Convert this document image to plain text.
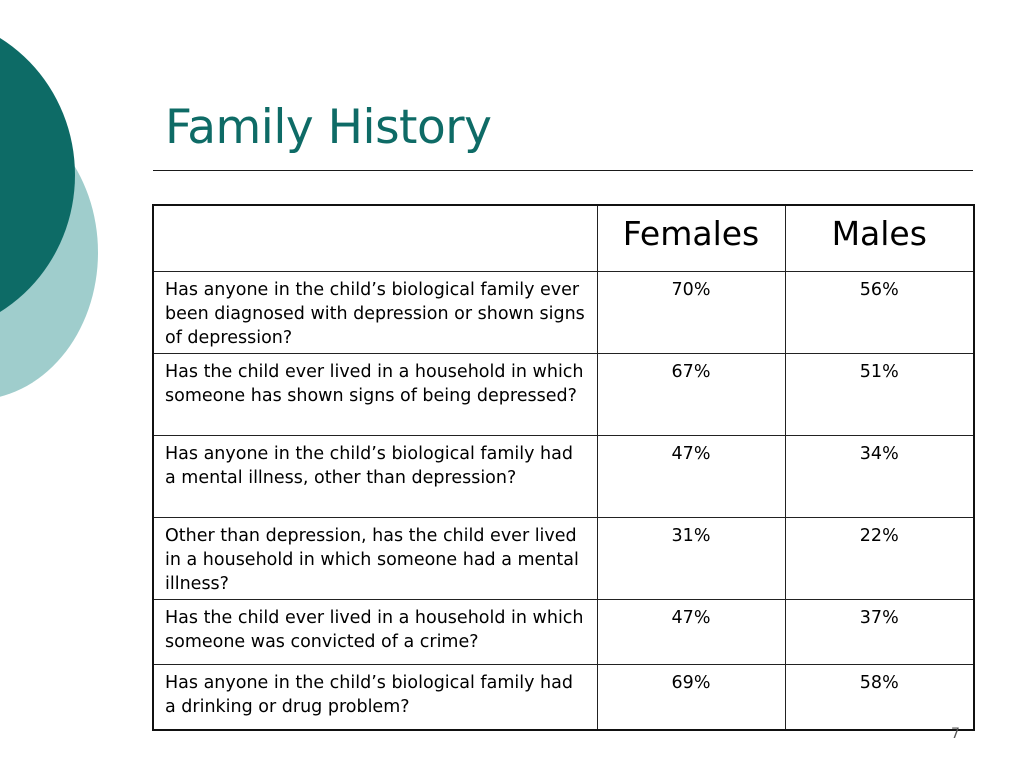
Family History
	Females	Males
Has anyone in the child’s biological family ever been diagnosed with depression or shown signs of depression?	70%	56%
Has the child ever lived in a household in which someone has shown signs of being depressed?	67%	51%
Has anyone in the child’s biological family had a mental illness, other than depression?	47%	34%
Other than depression, has the child ever lived in a household in which someone had a mental illness?	31%	22%
Has the child ever lived in a household in which someone was convicted of a crime?	47%	37%
Has anyone in the child’s biological family had a drinking or drug problem?	69%	58%
7
